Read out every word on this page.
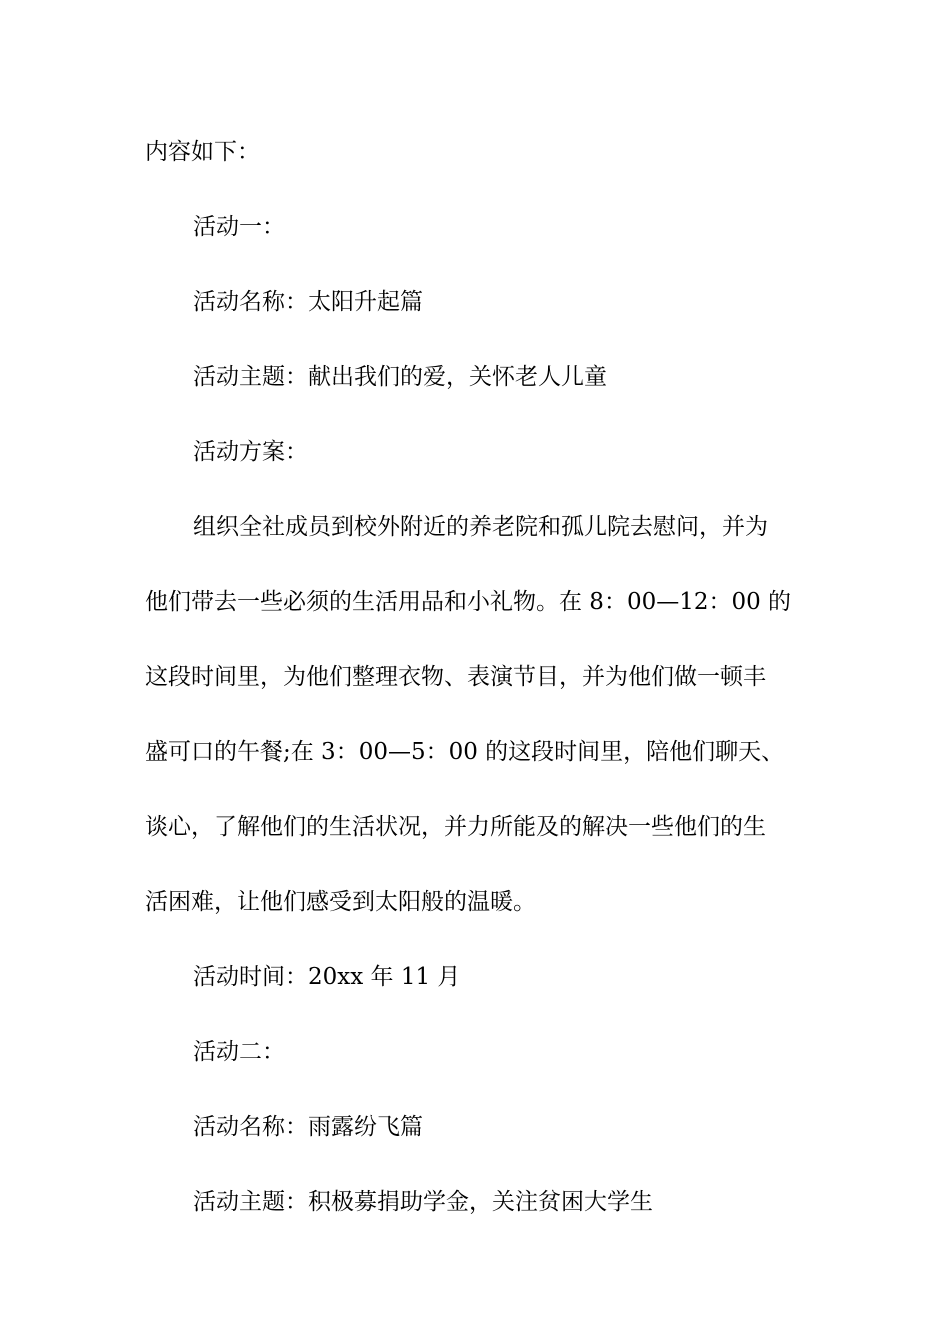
内容如下：
活动一：
活动名称：太阳升起篇
活动主题：献出我们的爱，关怀老人儿童
活动方案：
组织全社成员到校外附近的养老院和孤儿院去慰问，并为
他们带去一些必须的生活用品和小礼物。在 8：00—12：00 的
这段时间里，为他们整理衣物、表演节目，并为他们做一顿丰
盛可口的午餐;在 3：00—5：00 的这段时间里，陪他们聊天、
谈心，了解他们的生活状况，并力所能及的解决一些他们的生
活困难，让他们感受到太阳般的温暖。
活动时间：20xx 年 11 月
活动二：
活动名称：雨露纷飞篇
活动主题：积极募捐助学金，关注贫困大学生
